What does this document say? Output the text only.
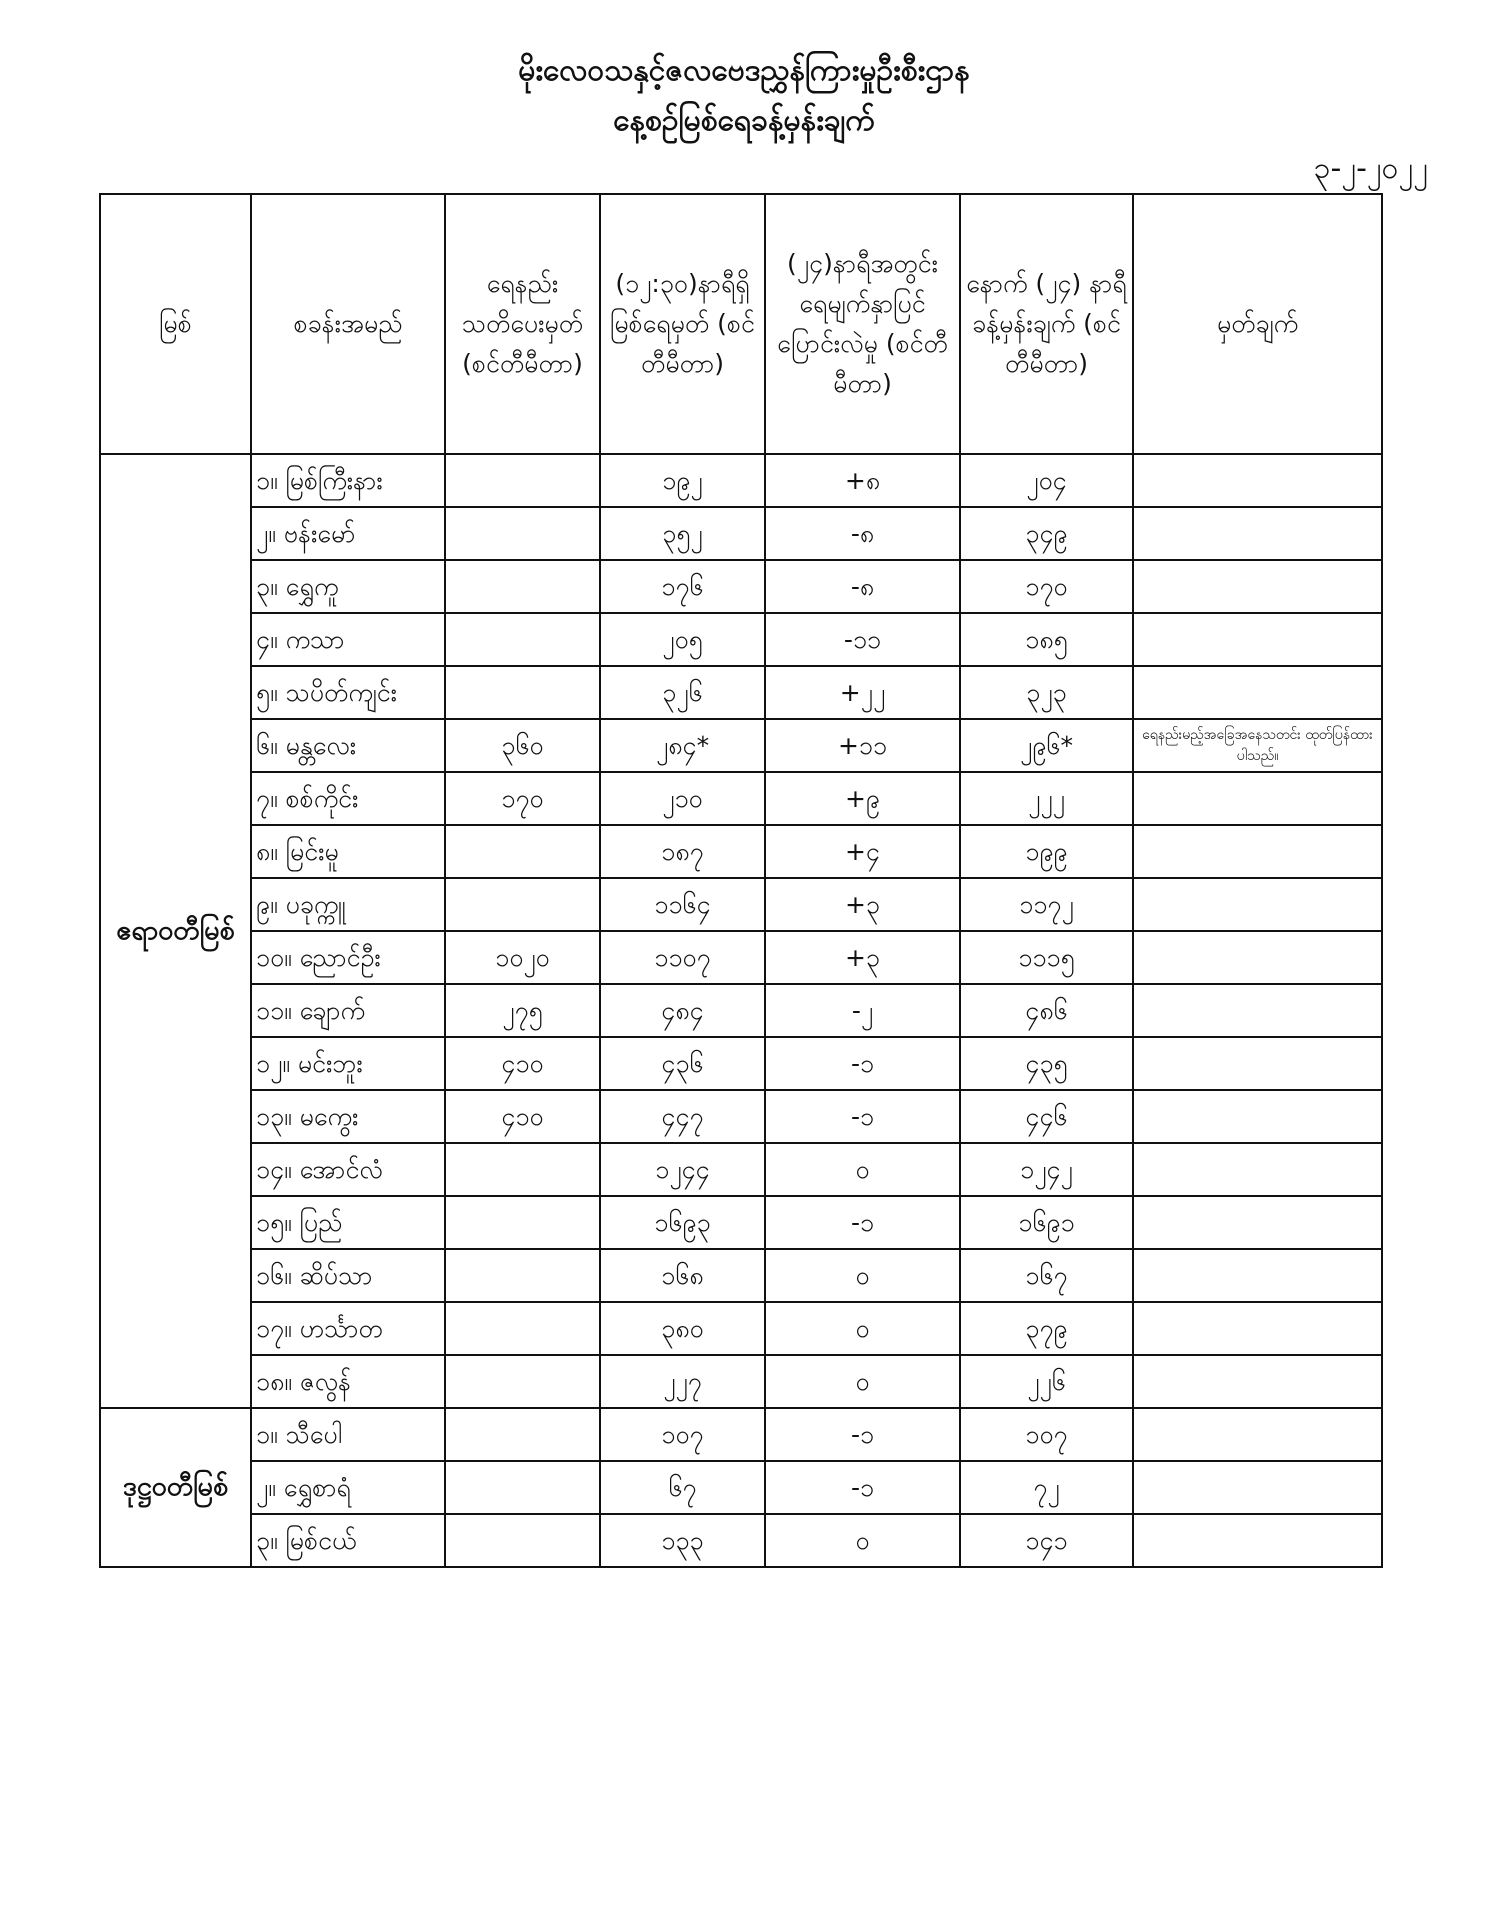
မိုးလေဝသနှင့်ဇလဗေဒညွှန်ကြားမှုဦးစီးဌာန
နေ့စဉ်မြစ်ရေခန့်မှန်းချက်
၃-၂-၂၀၂၂
မြစ်	စခန်းအမည်	ရေနည်း သတိပေးမှတ် (စင်တီမီတာ)	(၁၂:၃၀)နာရီရှိ မြစ်ရေမှတ် (စင်တီမီတာ)	(၂၄)နာရီအတွင်း ရေမျက်နှာပြင် ပြောင်းလဲမှု (စင်တီမီတာ)	နောက် (၂၄) နာရီ ခန့်မှန်းချက် (စင်တီမီတာ)	မှတ်ချက်
ဧရာဝတီမြစ်	၁။ မြစ်ကြီးနား		၁၉၂	+၈	၂၀၄	
	၂။ ဗန်းမော်		၃၅၂	-၈	၃၄၉	
	၃။ ရွှေကူ		၁၇၆	-၈	၁၇၀	
	၄။ ကသာ		၂၀၅	-၁၁	၁၈၅	
	၅။ သပိတ်ကျင်း		၃၂၆	+၂၂	၃၂၃	
	၆။ မန္တလေး	၃၆၀	၂၈၄*	+၁၁	၂၉၆*	ရေနည်းမည့်အခြေအနေသတင်း ထုတ်ပြန်ထားပါသည်။
	၇။ စစ်ကိုင်း	၁၇၀	၂၁၀	+၉	၂၂၂	
	၈။ မြင်းမူ		၁၈၇	+၄	၁၉၉	
	၉။ ပခုက္ကူ		၁၁၆၄	+၃	၁၁၇၂	
	၁၀။ ညောင်ဦး	၁၀၂၀	၁၁၀၇	+၃	၁၁၁၅	
	၁၁။ ချောက်	၂၇၅	၄၈၄	-၂	၄၈၆	
	၁၂။ မင်းဘူး	၄၁၀	၄၃၆	-၁	၄၃၅	
	၁၃။ မကွေး	၄၁၀	၄၄၇	-၁	၄၄၆	
	၁၄။ အောင်လံ		၁၂၄၄	၀	၁၂၄၂	
	၁၅။ ပြည်		၁၆၉၃	-၁	၁၆၉၁	
	၁၆။ ဆိပ်သာ		၁၆၈	၀	၁၆၇	
	၁၇။ ဟင်္သာတ		၃၈၀	၀	၃၇၉	
	၁၈။ ဇလွန်		၂၂၇	၀	၂၂၆	
ဒုဋ္ဌဝတီမြစ်	၁။ သီပေါ		၁၀၇	-၁	၁၀၇	
	၂။ ရွှေစာရံ		၆၇	-၁	၇၂	
	၃။ မြစ်ငယ်		၁၃၃	၀	၁၄၁	
